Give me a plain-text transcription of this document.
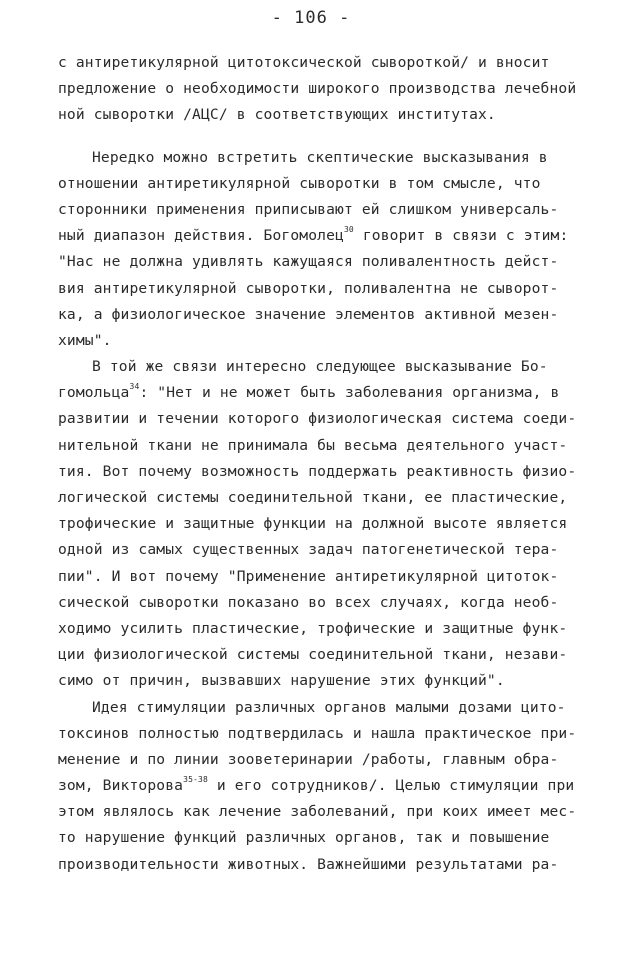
- 106 -
с антиретикулярной цитотоксической сывороткой/ и вносит
предложение о необходимости широкого производства лечебной
ной сыворотки /АЦС/ в соответствующих институтах.
Нередко можно встретить скептические высказывания в
отношении антиретикулярной сыворотки в том смысле, что
сторонники применения приписывают ей слишком универсаль-
ный диапазон действия. Богомолец$^{30}$ говорит в связи с этим:
"Нас не должна удивлять кажущаяся поливалентность дейст-
вия антиретикулярной сыворотки, поливалентна не сыворот-
ка, а физиологическое значение элементов активной мезен-
химы".
В той же связи интересно следующее высказывание Бо-
гомольца$^{34}$: "Нет и не может быть заболевания организма, в
развитии и течении которого физиологическая система соеди-
нительной ткани не принимала бы весьма деятельного участ-
тия. Вот почему возможность поддержать реактивность физио-
логической системы соединительной ткани, ее пластические,
трофические и защитные функции на должной высоте является
одной из самых существенных задач патогенетической тера-
пии". И вот почему "Применение антиретикулярной цитоток-
сической сыворотки показано во всех случаях, когда необ-
ходимо усилить пластические, трофические и защитные функ-
ции физиологической системы соединительной ткани, незави-
симо от причин, вызвавших нарушение этих функций".
Идея стимуляции различных органов малыми дозами цито-
токсинов полностью подтвердилась и нашла практическое при-
менение и по линии зооветеринарии /работы, главным обра-
зом, Викторова$^{35-38}$ и его сотрудников/. Целью стимуляции при
этом являлось как лечение заболеваний, при коих имеет мес-
то нарушение функций различных органов, так и повышение
производительности животных. Важнейшими результатами ра-
